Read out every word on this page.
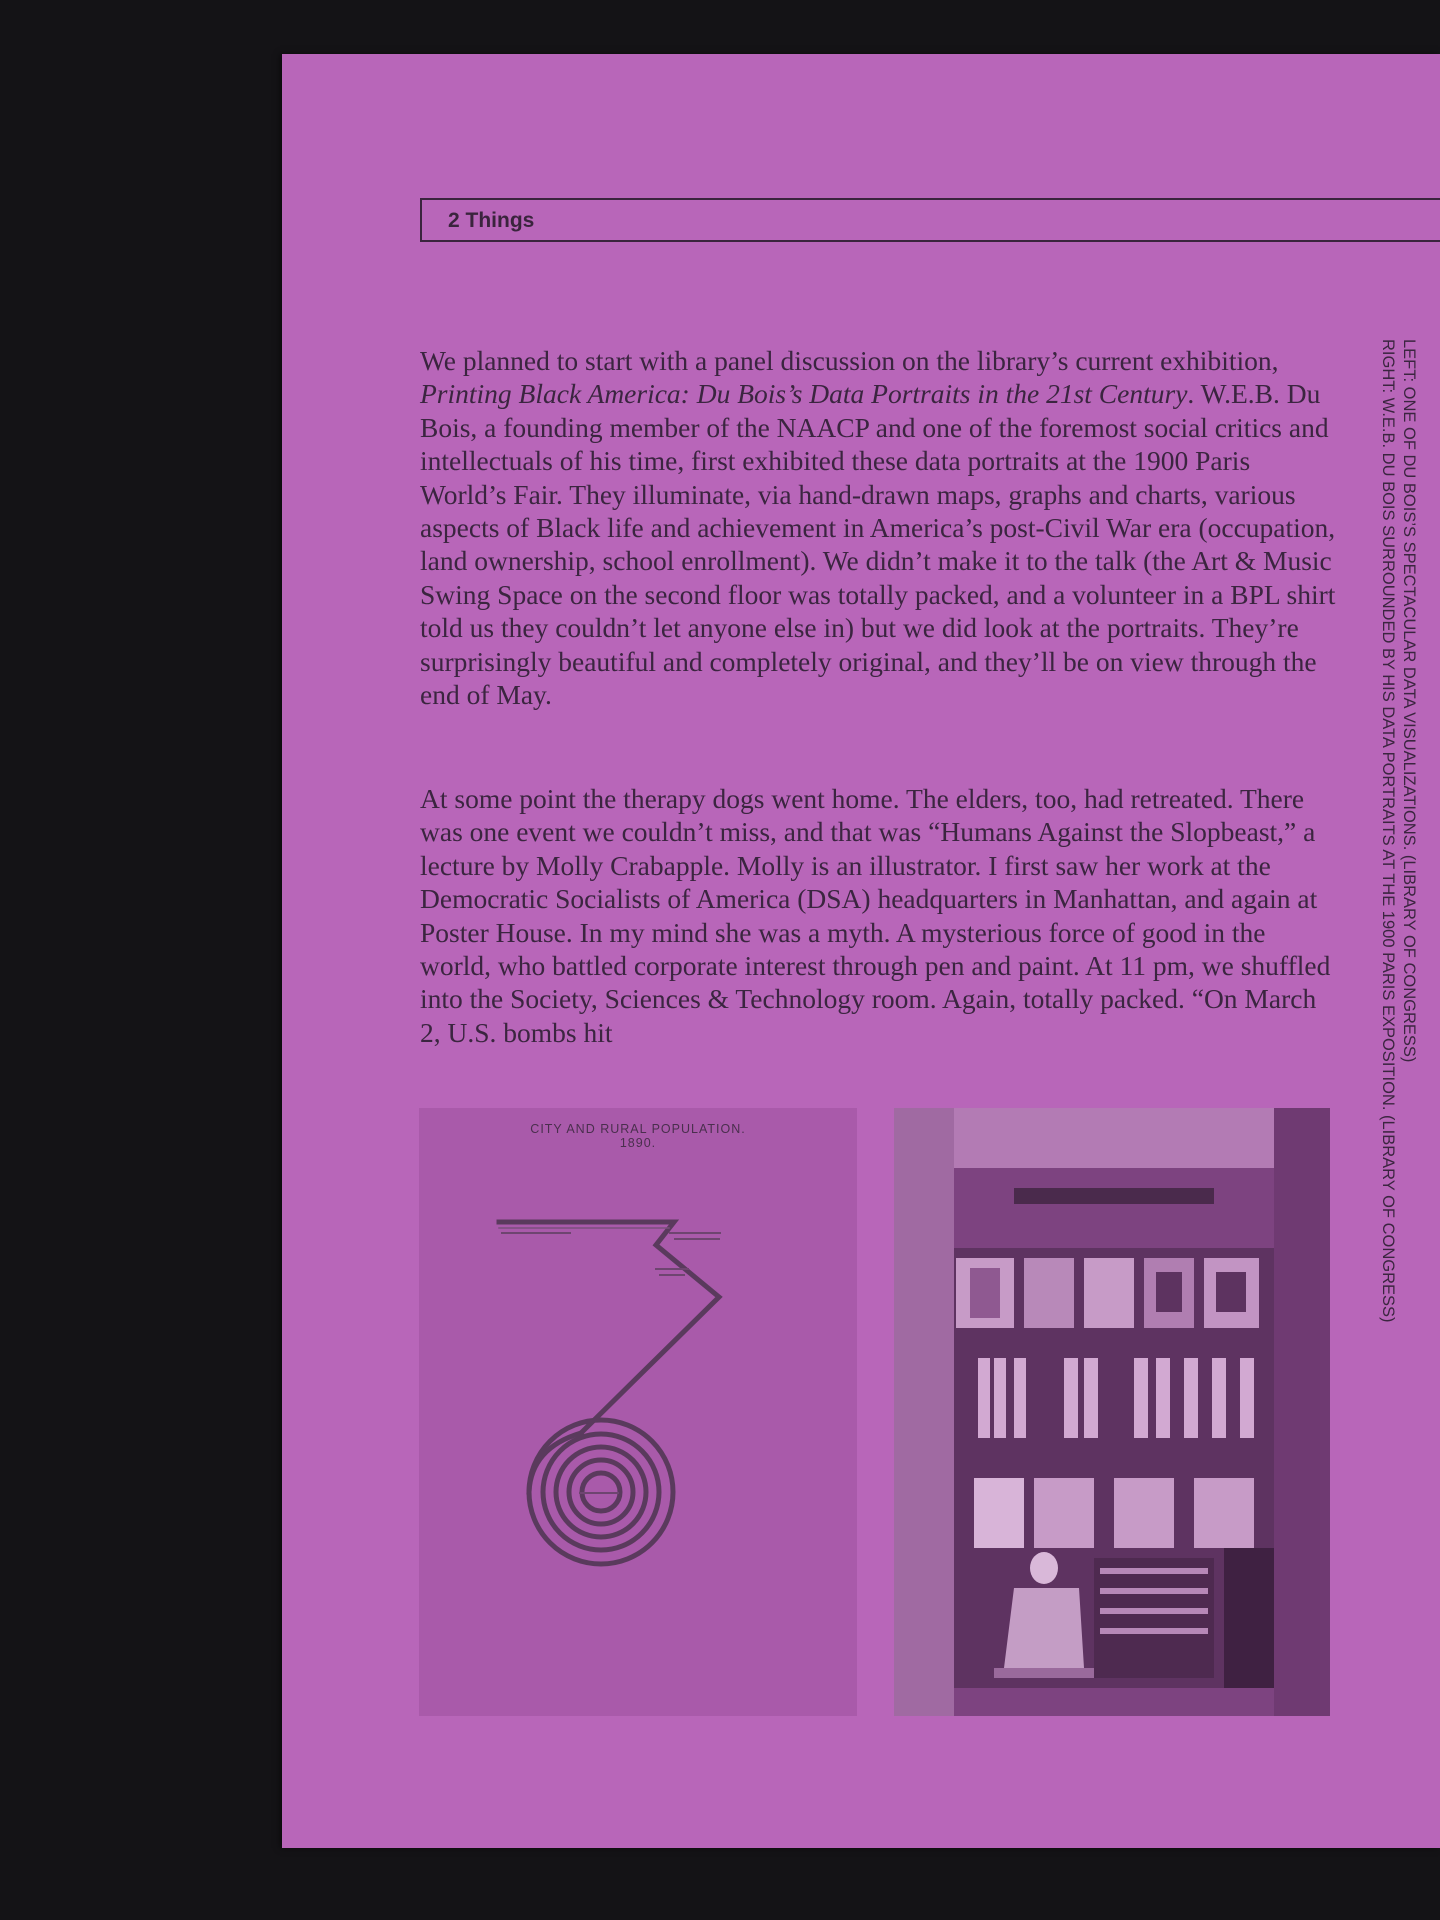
2 Things

We planned to start with a panel discussion on the library’s current exhibition, Printing Black America: Du Bois’s Data Portraits in the 21st Century. W.E.B. Du Bois, a founding member of the NAACP and one of the foremost social critics and intellectuals of his time, first exhibited these data portraits at the 1900 Paris World’s Fair. They illuminate, via hand-drawn maps, graphs and charts, various aspects of Black life and achievement in America’s post-Civil War era (occupation, land ownership, school enrollment). We didn’t make it to the talk (the Art & Music Swing Space on the second floor was totally packed, and a volunteer in a BPL shirt told us they couldn’t let anyone else in) but we did look at the portraits. They’re surprisingly beautiful and completely original, and they’ll be on view through the end of May.

At some point the therapy dogs went home. The elders, too, had retreated. There was one event we couldn’t miss, and that was “Humans Against the Slopbeast,” a lecture by Molly Crabapple. Molly is an illustrator. I first saw her work at the Democratic Socialists of America (DSA) headquarters in Manhattan, and again at Poster House. In my mind she was a myth. A mysterious force of good in the world, who battled corporate interest through pen and paint. At 11 pm, we shuffled into the Society, Sciences & Technology room. Again, totally packed. “On March 2, U.S. bombs hit	LEFT: ONE OF DU BOIS’S SPECTACULAR DATA VISUALIZATIONS. (LIBRARY OF CONGRESS)
RIGHT: W.E.B. DU BOIS SURROUNDED BY HIS DATA PORTRAITS AT THE 1900 PARIS EXPOSITION. (LIBRARY OF CONGRESS)
CITY AND RURAL POPULATION.
1890.
